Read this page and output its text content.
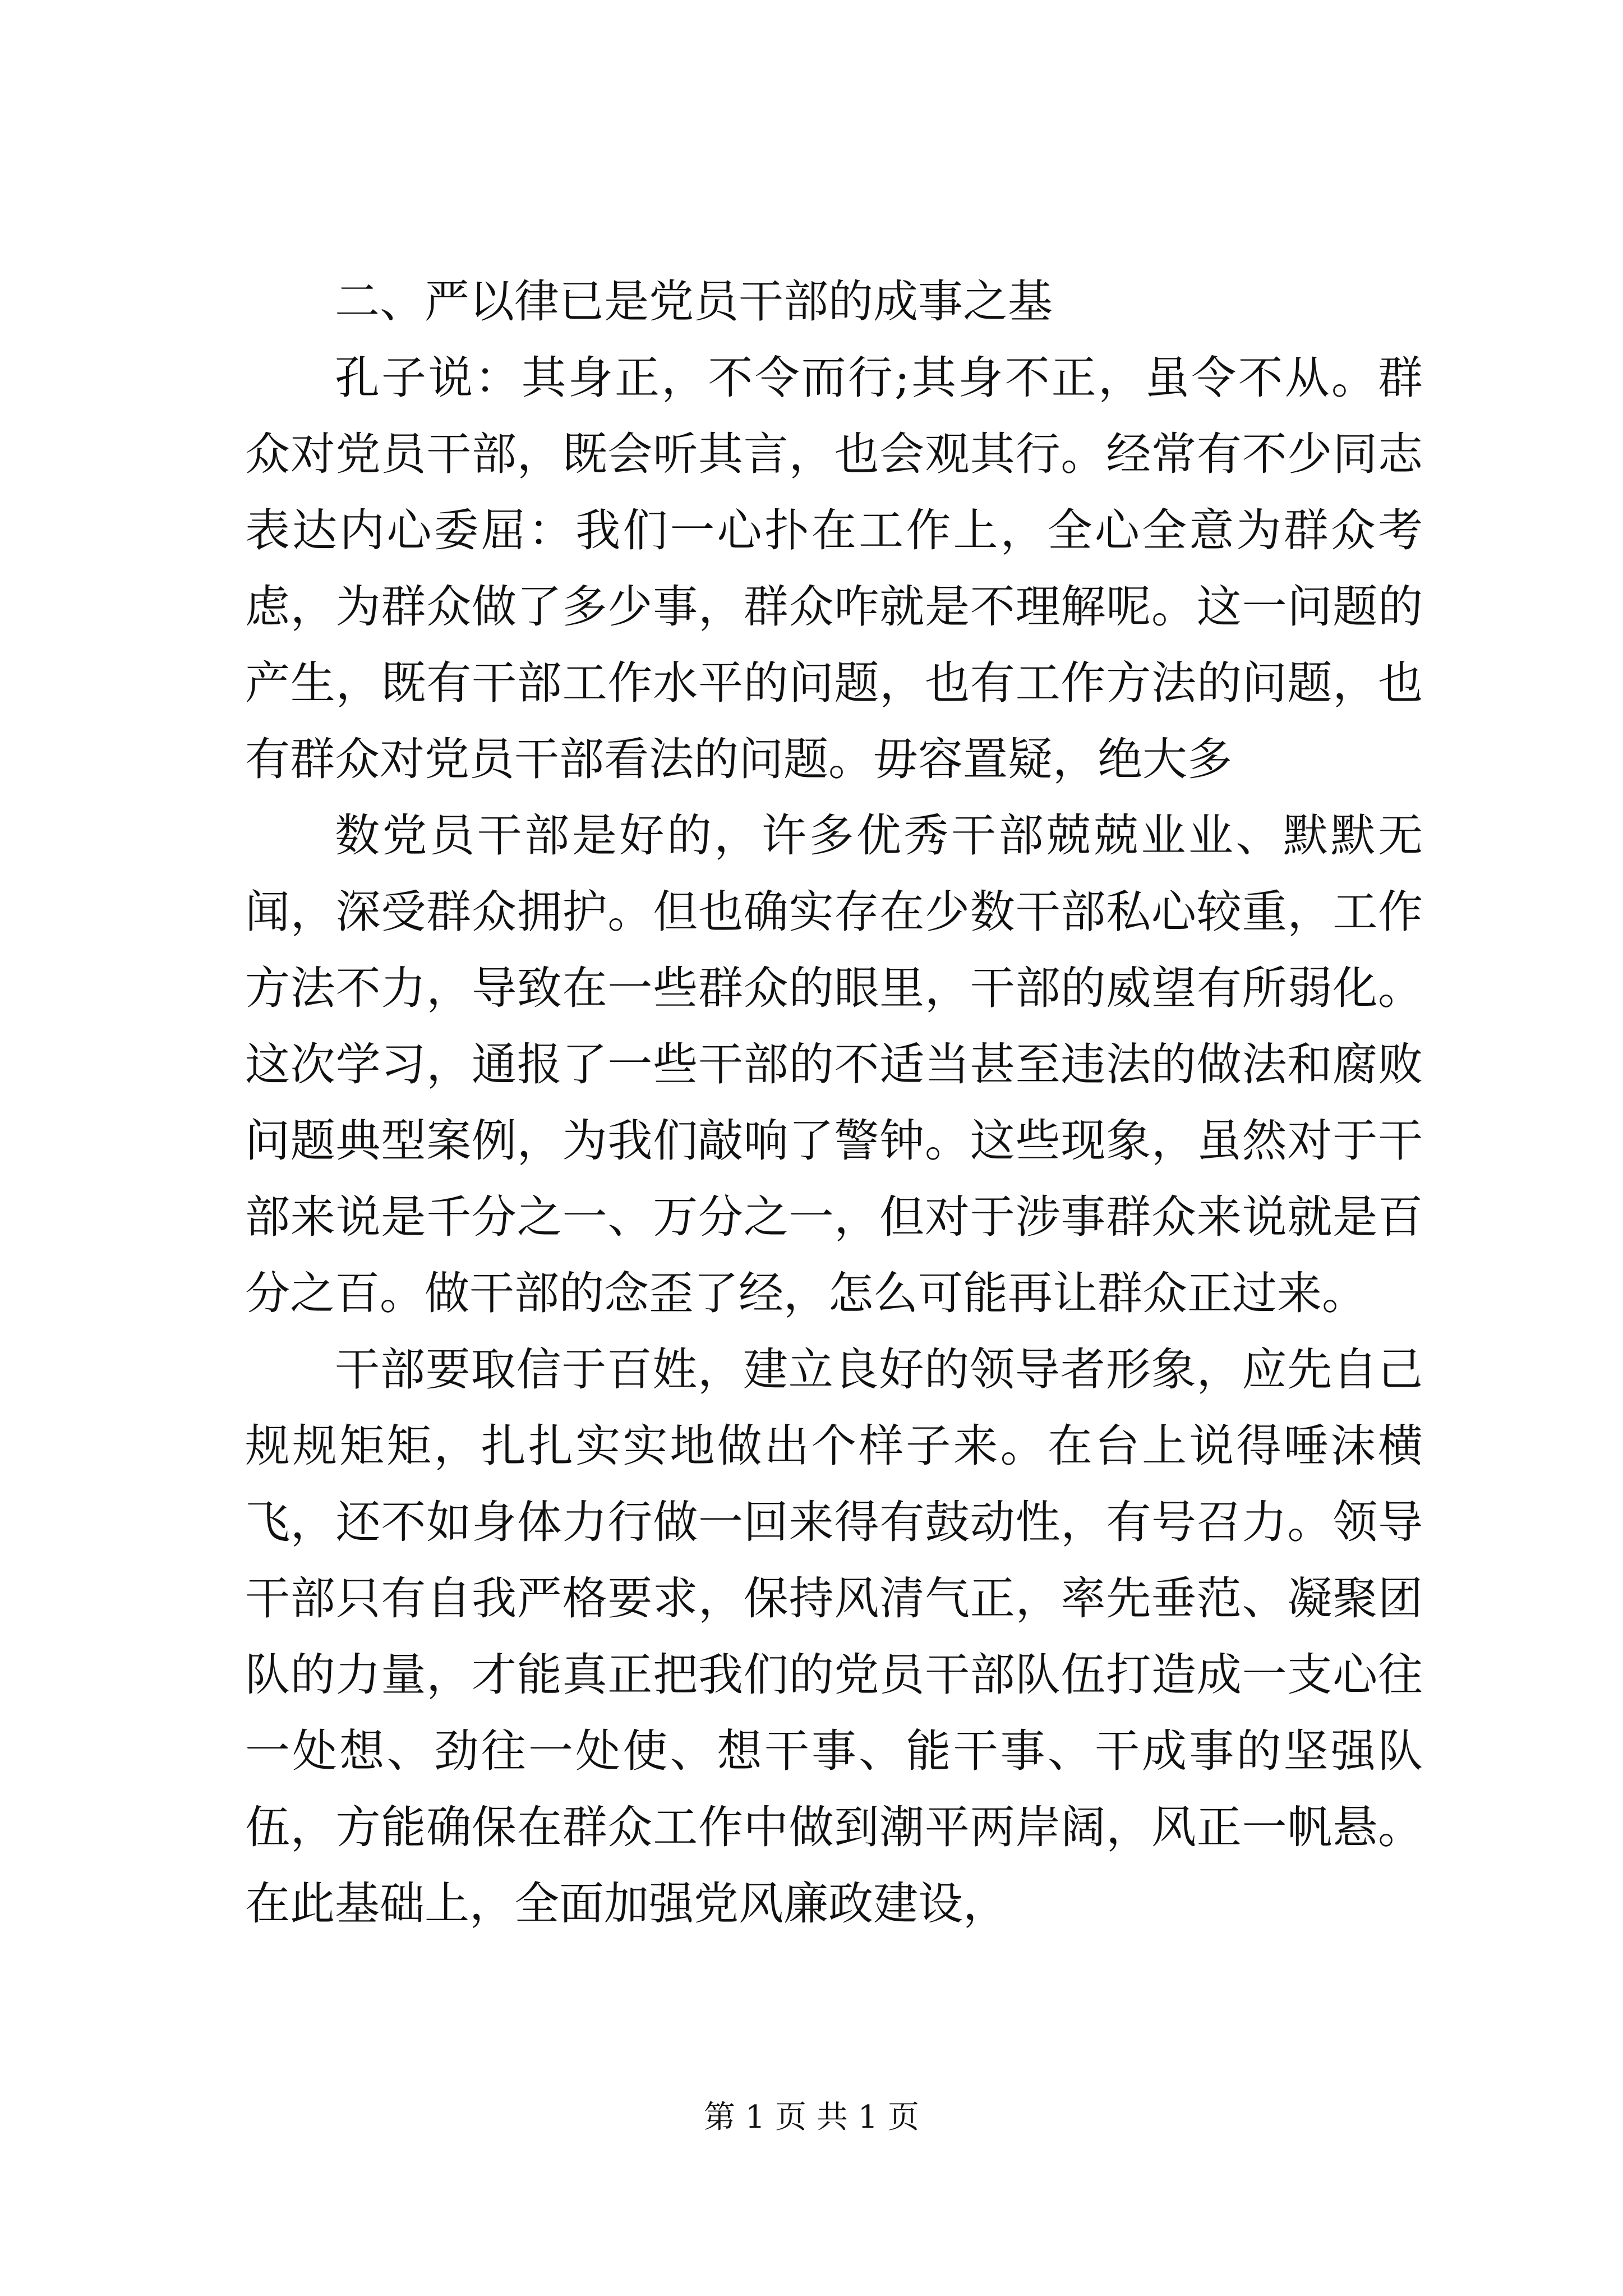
二、严以律已是党员干部的成事之基

孔子说：其身正，不令而行;其身不正，虽令不从。群众对党员干部，既会听其言，也会观其行。经常有不少同志表达内心委屈：我们一心扑在工作上，全心全意为群众考虑，为群众做了多少事，群众咋就是不理解呢。这一问题的产生，既有干部工作水平的问题，也有工作方法的问题，也有群众对党员干部看法的问题。毋容置疑，绝大多

数党员干部是好的，许多优秀干部兢兢业业、默默无闻，深受群众拥护。但也确实存在少数干部私心较重，工作方法不力，导致在一些群众的眼里，干部的威望有所弱化。这次学习，通报了一些干部的不适当甚至违法的做法和腐败问题典型案例，为我们敲响了警钟。这些现象，虽然对于干部来说是千分之一、万分之一，但对于涉事群众来说就是百分之百。做干部的念歪了经，怎么可能再让群众正过来。

干部要取信于百姓，建立良好的领导者形象，应先自己规规矩矩，扎扎实实地做出个样子来。在台上说得唾沫横飞，还不如身体力行做一回来得有鼓动性，有号召力。领导干部只有自我严格要求，保持风清气正，率先垂范、凝聚团队的力量，才能真正把我们的党员干部队伍打造成一支心往一处想、劲往一处使、想干事、能干事、干成事的坚强队伍，方能确保在群众工作中做到潮平两岸阔，风正一帆悬。在此基础上，全面加强党风廉政建设，

第 1 页 共 1 页
